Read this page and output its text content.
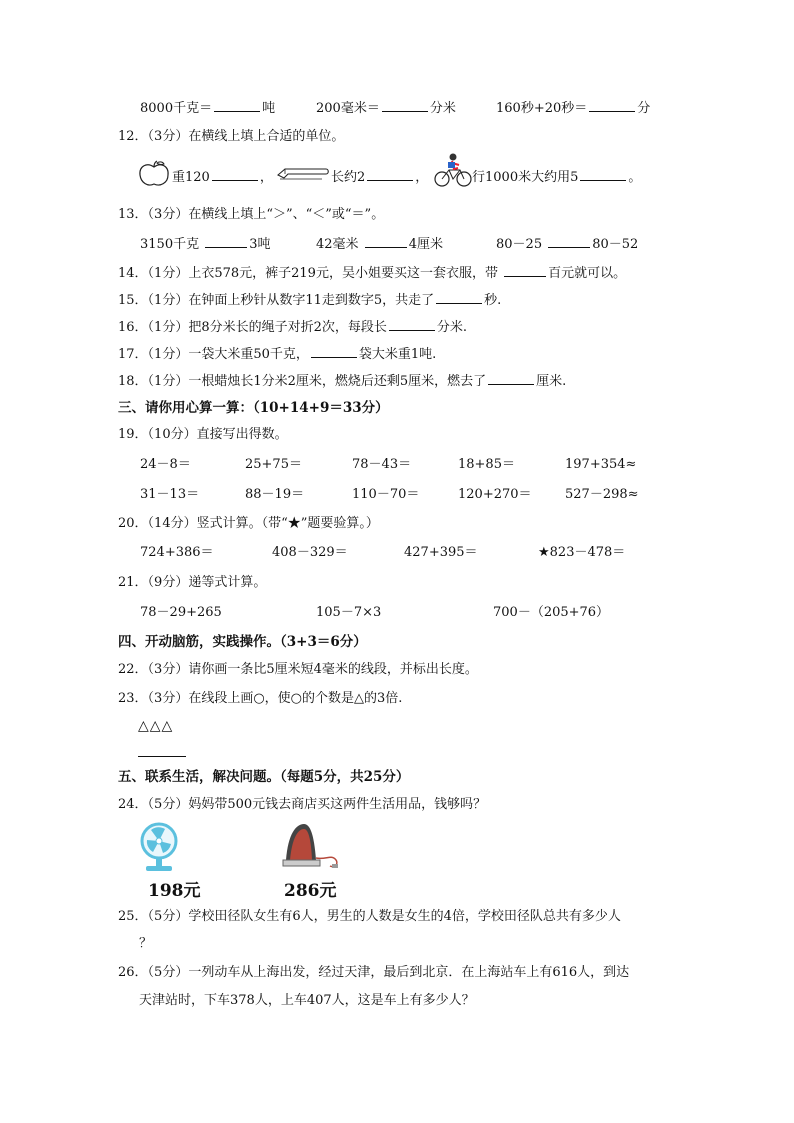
8000千克＝	吨	200毫米＝	分米	160秒+20秒＝	分
12．（3分）在横线上填上合适的单位。
重120	，	长约2	，	行1000米大约用5	。
13．（3分）在横线上填上“＞”、“＜”或“＝”。
3150千克	3吨	42毫米	4厘米	80－25	80－52
14．（1分）上衣578元，裤子219元，吴小姐要买这一套衣服，带	百元就可以。
15．（1分）在钟面上秒针从数字11走到数字5，共走了	秒.
16．（1分）把8分米长的绳子对折2次，每段长	分米.
17．（1分）一袋大米重50千克，	袋大米重1吨.
18．（1分）一根蜡烛长1分米2厘米，燃烧后还剩5厘米，燃去了	厘米.
三、请你用心算一算：（10+14+9＝33分）
19．（10分）直接写出得数。
24－8＝	25+75＝	78－43＝	18+85＝	197+354≈
31－13＝	88－19＝	110－70＝	120+270＝	527－298≈
20．（14分）竖式计算。（带“★”题要验算。）
724+386＝	408－329＝	427+395＝	★823－478＝
21．（9分）递等式计算。
78－29+265	105－7×3	700－（205+76）
四、开动脑筋，实践操作。（3+3＝6分）
22．（3分）请你画一条比5厘米短4毫米的线段，并标出长度。
23．（3分）在线段上画○，使○的个数是△的3倍.
△△△
五、联系生活，解决问题。（每题5分，共25分）
24．（5分）妈妈带500元钱去商店买这两件生活用品，钱够吗？
198元	286元
25．（5分）学校田径队女生有6人，男生的人数是女生的4倍，学校田径队总共有多少人
？
26．（5分）一列动车从上海出发，经过天津，最后到北京．在上海站车上有616人，到达
天津站时，下车378人，上车407人，这是车上有多少人？
